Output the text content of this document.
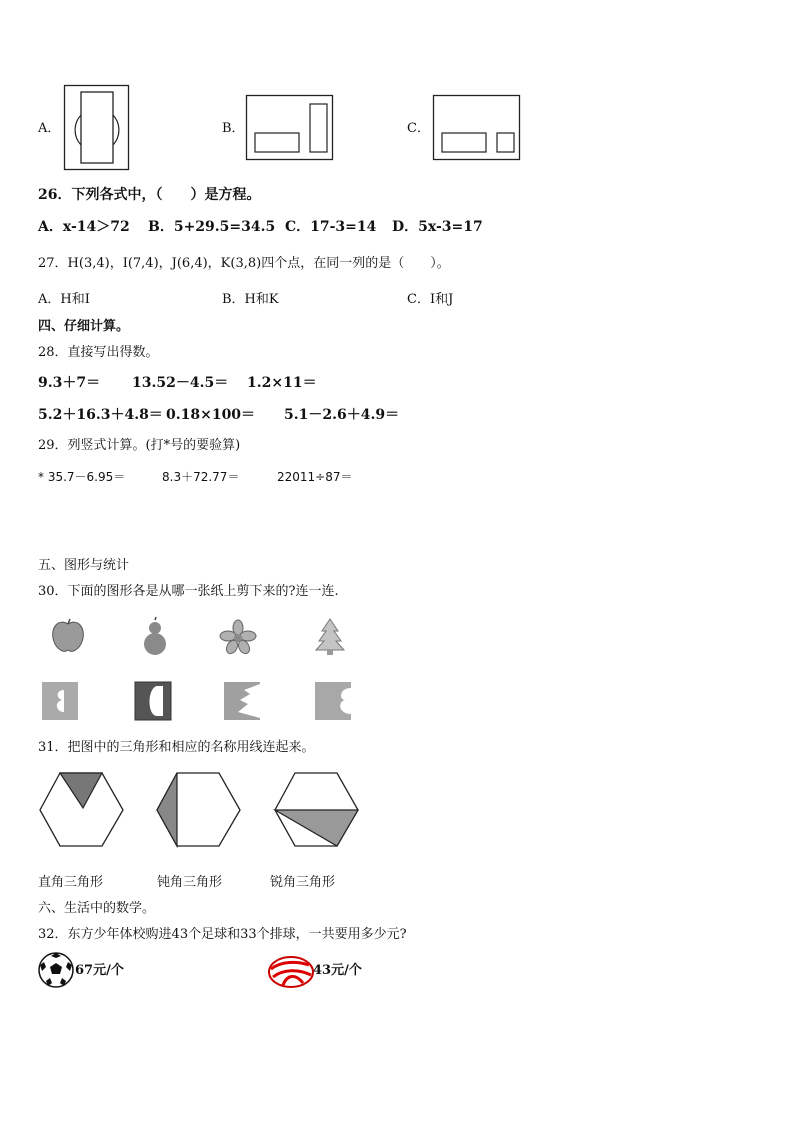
A．	B．	C．
26．下列各式中，（　　）是方程。
A．x-14＞72 B．5+29.5=34.5 C．17-3=14 D．5x-3=17
27．H(3,4)，I(7,4)，J(6,4)，K(3,8)四个点，在同一列的是（　　）。
A．H和I	B．H和K	C．I和J
四、仔细计算。
28．直接写出得数。
9.3＋7＝ 13.52－4.5＝ 1.2×11＝
5.2＋16.3＋4.8＝ 0.18×100＝ 5.1－2.6＋4.9＝
29．列竖式计算。(打*号的要验算)
* 35.7－6.95＝	8.3＋72.77＝	22011÷87＝
五、图形与统计
30．下面的图形各是从哪一张纸上剪下来的?连一连.
31．把图中的三角形和相应的名称用线连起来。
直角三角形	钝角三角形	锐角三角形
六、生活中的数学。
32．东方少年体校购进43个足球和33个排球，一共要用多少元?
67元/个	43元/个
